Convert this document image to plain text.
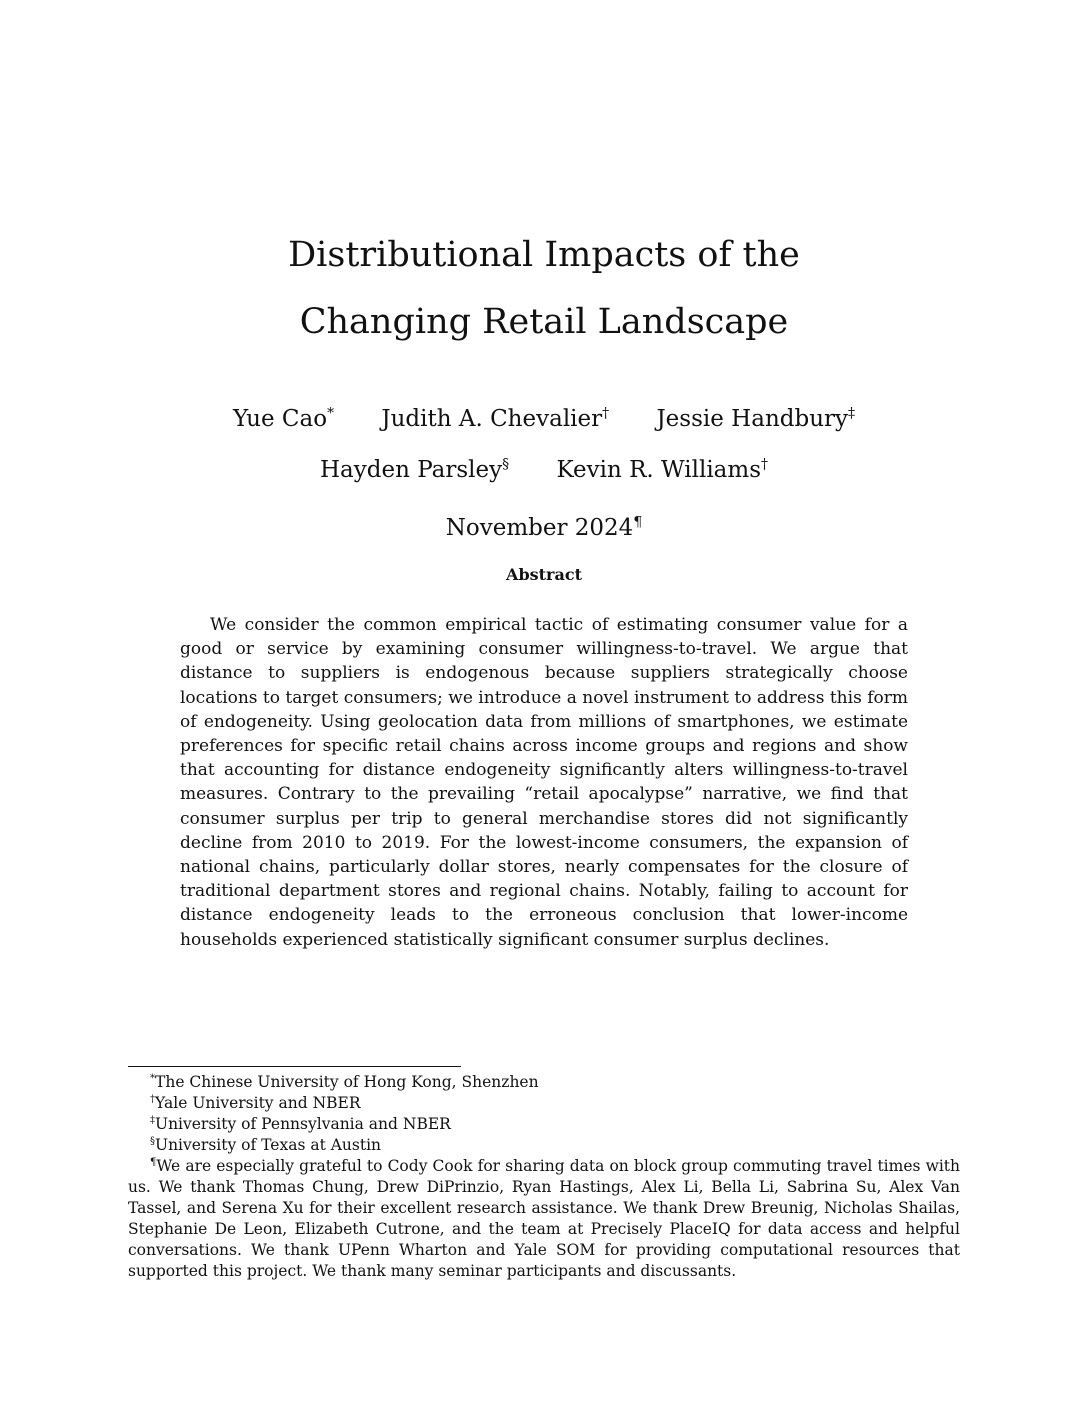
Distributional Impacts of the
Changing Retail Landscape
Yue Cao* Judith A. Chevalier† Jessie Handbury‡
Hayden Parsley§ Kevin R. Williams†
November 2024¶
Abstract

We consider the common empirical tactic of estimating consumer value for a good or service by examining consumer willingness-to-travel. We argue that distance to suppliers is endogenous because suppliers strategically choose locations to target consumers; we introduce a novel instrument to address this form of endogeneity. Using geolocation data from millions of smartphones, we estimate preferences for specific retail chains across income groups and regions and show that accounting for distance endogeneity significantly alters willingness-to-travel measures. Contrary to the prevailing “retail apocalypse” narrative, we find that consumer surplus per trip to general merchandise stores did not significantly decline from 2010 to 2019. For the lowest-income consumers, the expansion of national chains, particularly dollar stores, nearly compensates for the closure of traditional department stores and regional chains. Notably, failing to account for distance endogeneity leads to the erroneous conclusion that lower-income households experienced statistically significant consumer surplus declines.

*The Chinese University of Hong Kong, Shenzhen

†Yale University and NBER

‡University of Pennsylvania and NBER

§University of Texas at Austin

¶We are especially grateful to Cody Cook for sharing data on block group commuting travel times with us. We thank Thomas Chung, Drew DiPrinzio, Ryan Hastings, Alex Li, Bella Li, Sabrina Su, Alex Van Tassel, and Serena Xu for their excellent research assistance. We thank Drew Breunig, Nicholas Shailas, Stephanie De Leon, Elizabeth Cutrone, and the team at Precisely PlaceIQ for data access and helpful conversations. We thank UPenn Wharton and Yale SOM for providing computational resources that supported this project. We thank many seminar participants and discussants.
